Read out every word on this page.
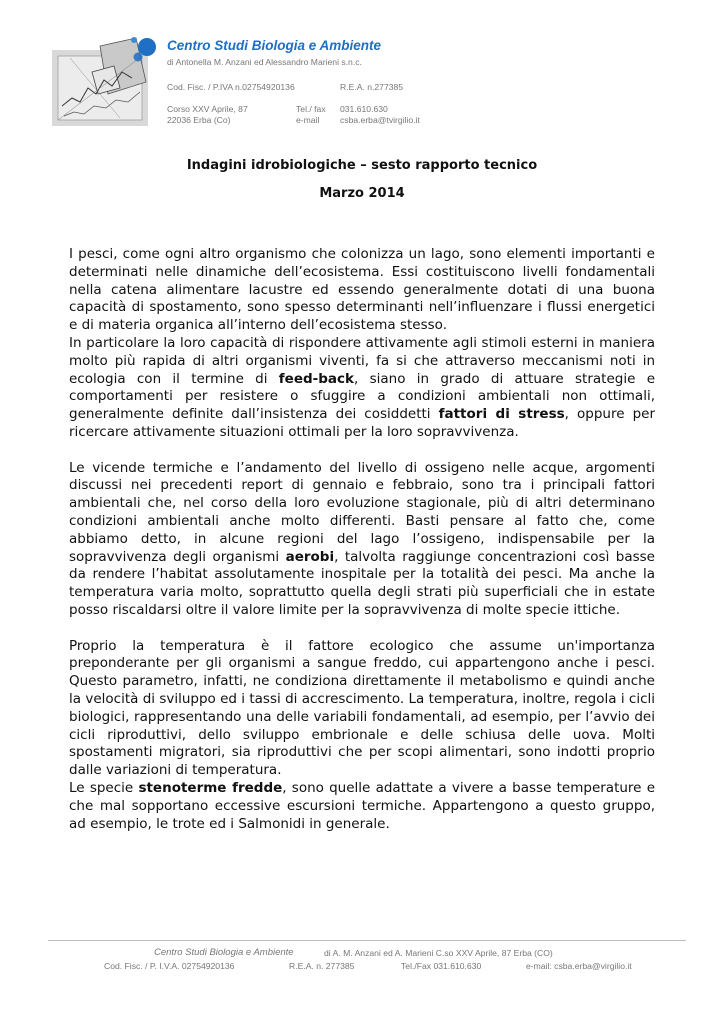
Centro Studi Biologia e Ambiente
di Antonella M. Anzani ed Alessandro Marieni s.n.c.
Cod. Fisc. / P.IVA n.02754920136	R.E.A. n.277385
Corso XXV Aprile, 87	Tel./ fax 031.610.630
22036 Erba (Co)	e-mail csba.erba@tvirgilio.it
Indagini idrobiologiche – sesto rapporto tecnico
Marzo 2014

I pesci, come ogni altro organismo che colonizza un lago, sono elementi importanti e determinati nelle dinamiche dell’ecosistema. Essi costituiscono livelli fondamentali nella catena alimentare lacustre ed essendo generalmente dotati di una buona capacità di spostamento, sono spesso determinanti nell’influenzare i flussi energetici e di materia organica all’interno dell’ecosistema stesso.

In particolare la loro capacità di rispondere attivamente agli stimoli esterni in maniera molto più rapida di altri organismi viventi, fa si che attraverso meccanismi noti in ecologia con il termine di feed-back, siano in grado di attuare strategie e comportamenti per resistere o sfuggire a condizioni ambientali non ottimali, generalmente definite dall’insistenza dei cosiddetti fattori di stress, oppure per ricercare attivamente situazioni ottimali per la loro sopravvivenza.

Le vicende termiche e l’andamento del livello di ossigeno nelle acque, argomenti discussi nei precedenti report di gennaio e febbraio, sono tra i principali fattori ambientali che, nel corso della loro evoluzione stagionale, più di altri determinano condizioni ambientali anche molto differenti. Basti pensare al fatto che, come abbiamo detto, in alcune regioni del lago l’ossigeno, indispensabile per la sopravvivenza degli organismi aerobi, talvolta raggiunge concentrazioni così basse da rendere l’habitat assolutamente inospitale per la totalità dei pesci. Ma anche la temperatura varia molto, soprattutto quella degli strati più superficiali che in estate posso riscaldarsi oltre il valore limite per la sopravvivenza di molte specie ittiche.

Proprio la temperatura è il fattore ecologico che assume un'importanza preponderante per gli organismi a sangue freddo, cui appartengono anche i pesci. Questo parametro, infatti, ne condiziona direttamente il metabolismo e quindi anche la velocità di sviluppo ed i tassi di accrescimento. La temperatura, inoltre, regola i cicli biologici, rappresentando una delle variabili fondamentali, ad esempio, per l’avvio dei cicli riproduttivi, dello sviluppo embrionale e delle schiusa delle uova. Molti spostamenti migratori, sia riproduttivi che per scopi alimentari, sono indotti proprio dalle variazioni di temperatura.

Le specie stenoterme fredde, sono quelle adattate a vivere a basse temperature e che mal sopportano eccessive escursioni termiche. Appartengono a questo gruppo, ad esempio, le trote ed i Salmonidi in generale.

Centro Studi Biologia e Ambiente	di A. M. Anzani ed A. Marieni C.so XXV Aprile, 87 Erba (CO)
Cod. Fisc. / P. I.V.A. 02754920136	R.E.A. n. 277385	Tel./Fax 031.610.630	e-mail: csba.erba@virgilio.it
